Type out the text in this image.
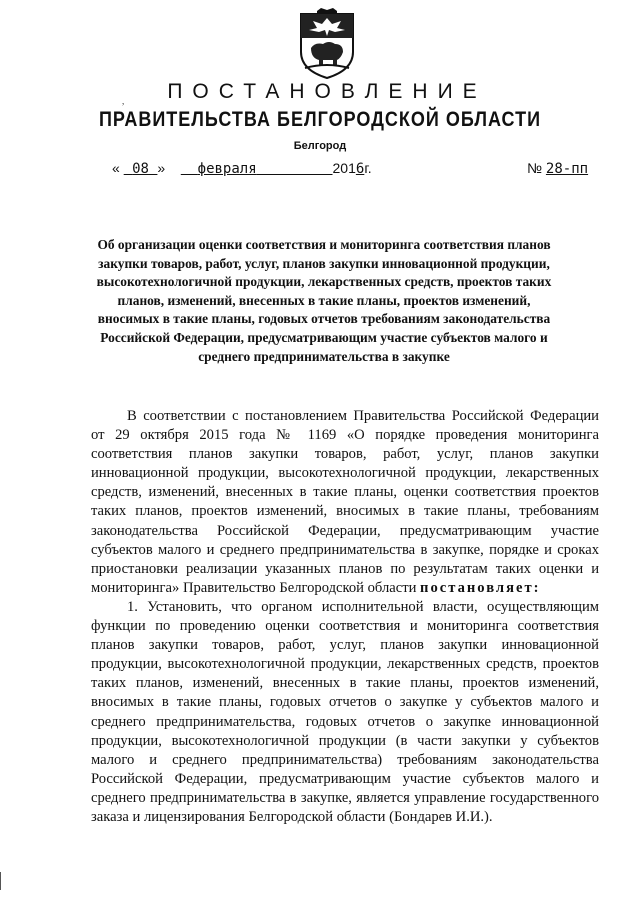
,	ПОСТАНОВЛЕНИЕ
ПРАВИТЕЛЬСТВА БЕЛГОРОДСКОЙ ОБЛАСТИ
Белгород
« 08 » февраля	2016г.	№ 28-пп

Об организации оценки соответствия и мониторинга соответствия планов закупки товаров, работ, услуг, планов закупки инновационной продукции, высокотехнологичной продукции, лекарственных средств, проектов таких планов, изменений, внесенных в такие планы, проектов изменений, вносимых в такие планы, годовых отчетов требованиям законодательства Российской Федерации, предусматривающим участие субъектов малого и среднего предпринимательства в закупке

В соответствии с постановлением Правительства Российской Федерации от 29 октября 2015 года № 1169 «О порядке проведения мониторинга соответствия планов закупки товаров, работ, услуг, планов закупки инновационной продукции, высокотехнологичной продукции, лекарственных средств, изменений, внесенных в такие планы, оценки соответствия проектов таких планов, проектов изменений, вносимых в такие планы, требованиям законодательства Российской Федерации, предусматривающим участие субъектов малого и среднего предпринимательства в закупке, порядке и сроках приостановки реализации указанных планов по результатам таких оценки и мониторинга» Правительство Белгородской области постановляет:

1. Установить, что органом исполнительной власти, осуществляющим функции по проведению оценки соответствия и мониторинга соответствия планов закупки товаров, работ, услуг, планов закупки инновационной продукции, высокотехнологичной продукции, лекарственных средств, проектов таких планов, изменений, внесенных в такие планы, проектов изменений, вносимых в такие планы, годовых отчетов о закупке у субъектов малого и среднего предпринимательства, годовых отчетов о закупке инновационной продукции, высокотехнологичной продукции (в части закупки у субъектов малого и среднего предпринимательства) требованиям законодательства Российской Федерации, предусматривающим участие субъектов малого и среднего предпринимательства в закупке, является управление государственного заказа и лицензирования Белгородской области (Бондарев И.И.).
